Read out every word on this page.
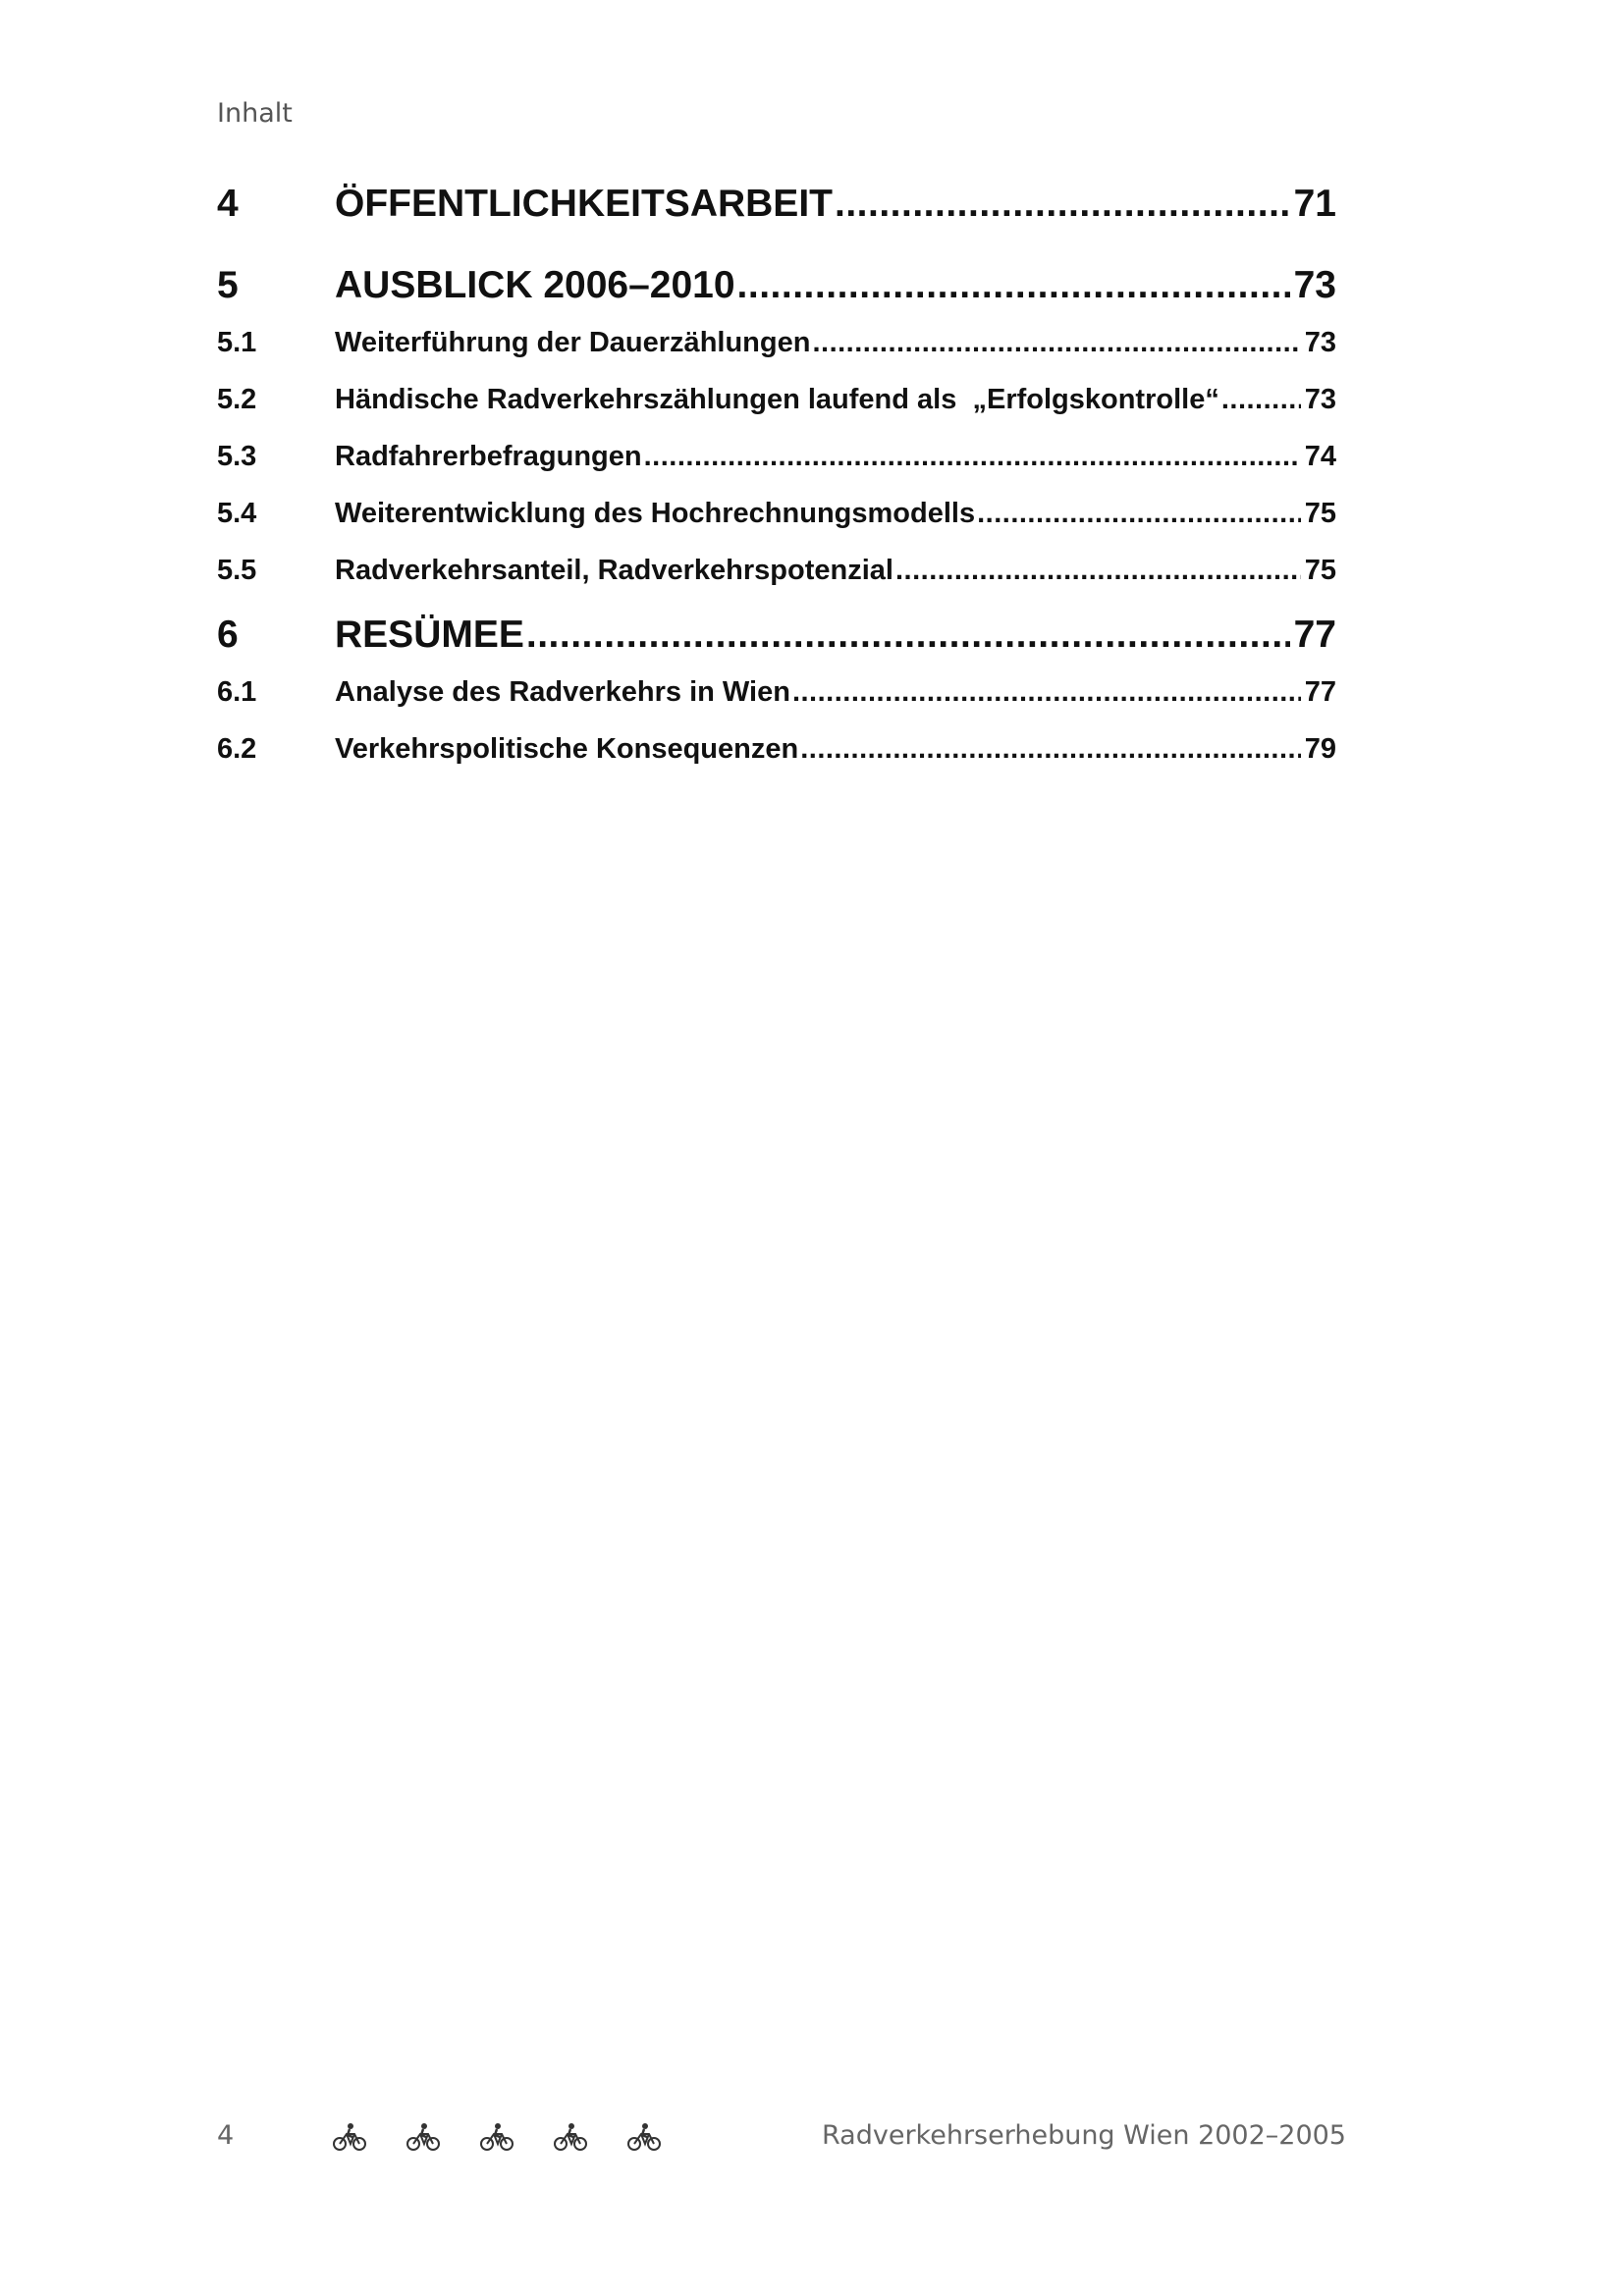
Inhalt
4	ÖFFENTLICHKEITSARBEIT .....	71
5	AUSBLICK 2006–2010 .....	73
5.1	Weiterführung der Dauerzählungen .....	73
5.2	Händische Radverkehrszählungen laufend als  „Erfolgskontrolle“ .....	73
5.3	Radfahrerbefragungen .....	74
5.4	Weiterentwicklung des Hochrechnungsmodells .....	75
5.5	Radverkehrsanteil, Radverkehrspotenzial .....	75
6	RESÜMEE .....	77
6.1	Analyse des Radverkehrs in Wien .....	77
6.2	Verkehrspolitische Konsequenzen .....	79
4	Radverkehrserhebung Wien 2002–2005
